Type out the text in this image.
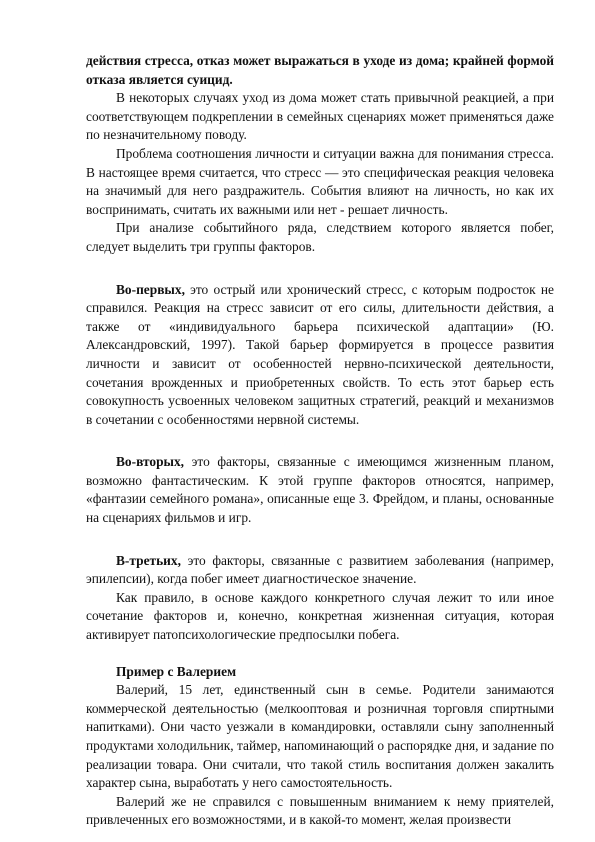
действия стресса, отказ может выражаться в уходе из дома; крайней формой отказа является суицид.

В некоторых случаях уход из дома может стать привычной реакцией, а при соответствующем подкреплении в семейных сценариях может применяться даже по незначительному поводу.

Проблема соотношения личности и ситуации важна для понимания стресса. В настоящее время считается, что стресс — это специфическая реакция человека на значимый для него раздражитель. События влияют на личность, но как их воспринимать, считать их важными или нет - решает личность.

При анализе событийного ряда, следствием которого является побег, следует выделить три группы факторов.

Во-первых, это острый или хронический стресс, с которым подросток не справился. Реакция на стресс зависит от его силы, длительности действия, а также от «индивидуального барьера психической адаптации» (Ю. Александровский, 1997). Такой барьер формируется в процессе развития личности и зависит от особенностей нервно-психической деятельности, сочетания врожденных и приобретенных свойств. То есть этот барьер есть совокупность усвоенных человеком защитных стратегий, реакций и механизмов в сочетании с особенностями нервной системы.

Во-вторых, это факторы, связанные с имеющимся жизненным планом, возможно фантастическим. К этой группе факторов относятся, например, «фантазии семейного романа», описанные еще 3. Фрейдом, и планы, основанные на сценариях фильмов и игр.

В-третьих, это факторы, связанные с развитием заболевания (например, эпилепсии), когда побег имеет диагностическое значение.

Как правило, в основе каждого конкретного случая лежит то или иное сочетание факторов и, конечно, конкретная жизненная ситуация, которая активирует патопсихологические предпосылки побега.

Пример с Валерием

Валерий, 15 лет, единственный сын в семье. Родители занимаются коммерческой деятельностью (мелкооптовая и розничная торговля спиртными напитками). Они часто уезжали в командировки, оставляли сыну заполненный продуктами холодильник, таймер, напоминающий о распорядке дня, и задание по реализации товара. Они считали, что такой стиль воспитания должен закалить характер сына, выработать у него самостоятельность.

Валерий же не справился с повышенным вниманием к нему приятелей, привлеченных его возможностями, и в какой-то момент, желая произвести
